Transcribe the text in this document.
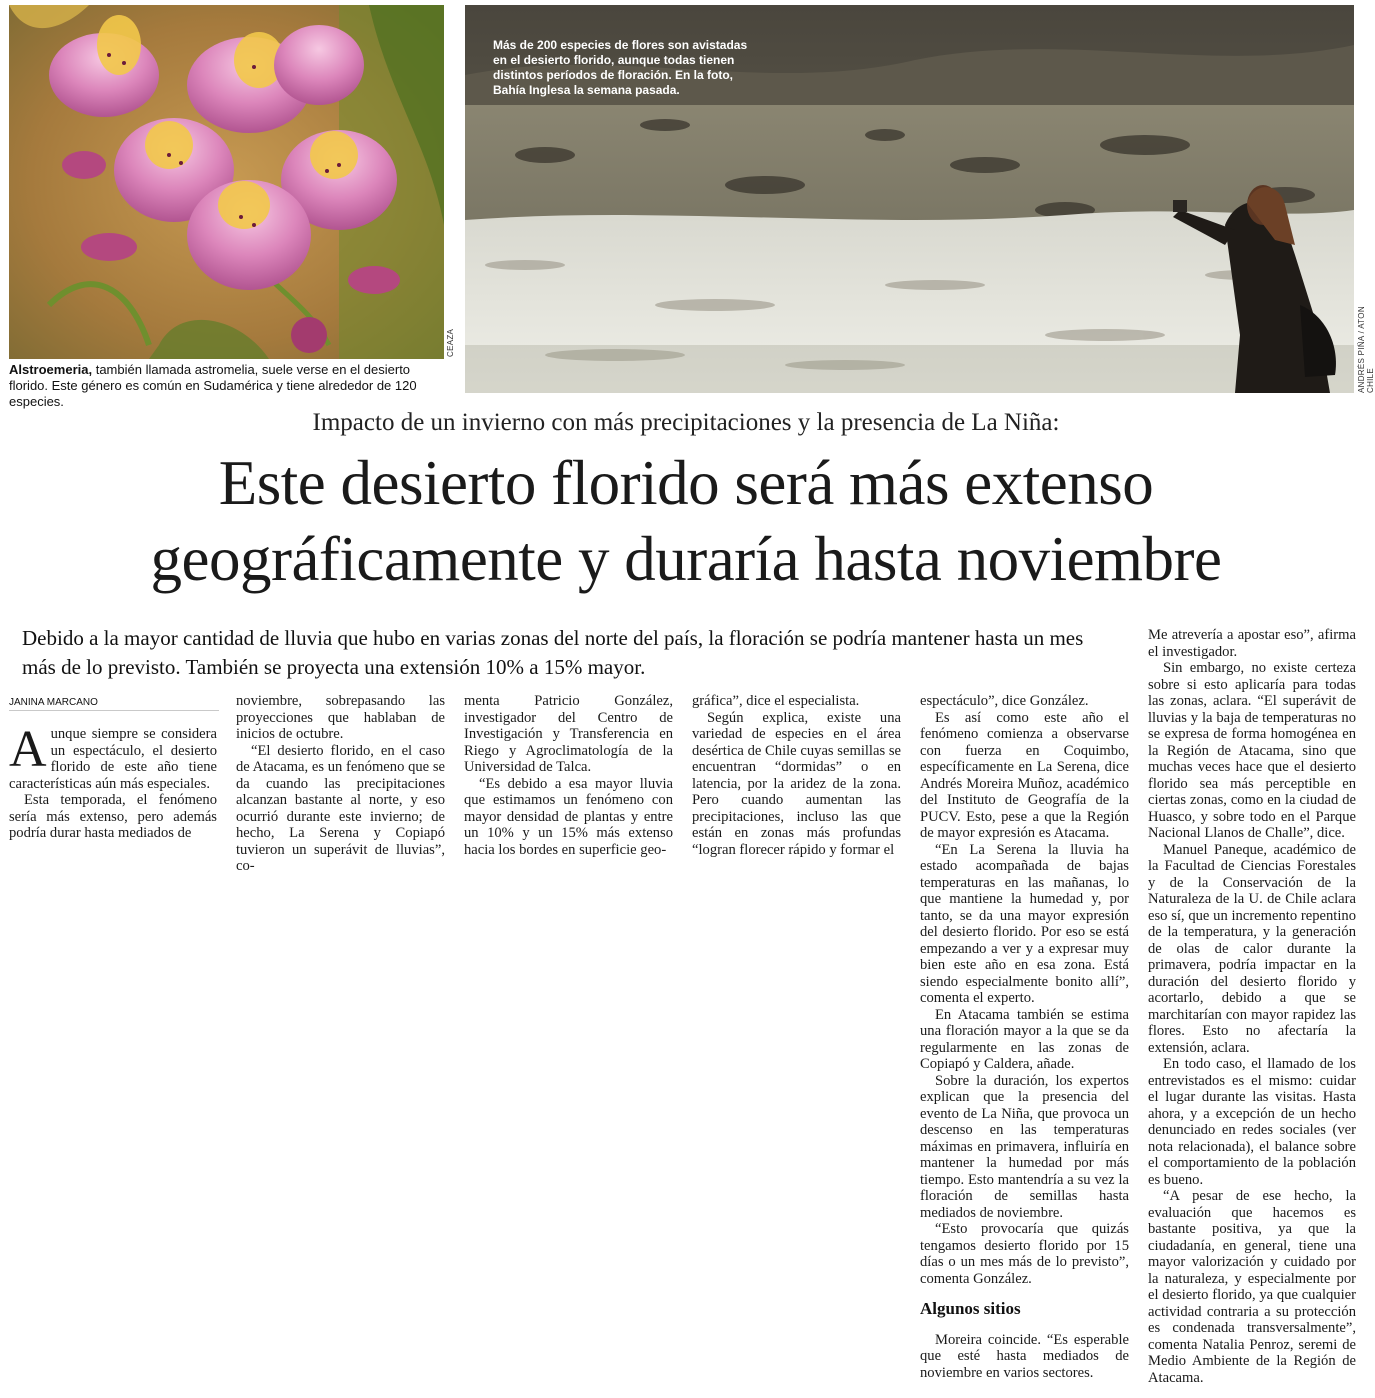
CEAZA
Alstroemeria, también llamada astromelia, suele verse en el desierto florido. Este género es común en Sudamérica y tiene alrededor de 120 especies.
Más de 200 especies de flores son avistadas en el desierto florido, aunque todas tienen distintos períodos de floración. En la foto, Bahía Inglesa la semana pasada.
ANDRÉS PIÑA / ATON CHILE
Impacto de un invierno con más precipitaciones y la presencia de La Niña:
Este desierto florido será más extenso geográficamente y duraría hasta noviembre
Debido a la mayor cantidad de lluvia que hubo en varias zonas del norte del país, la floración se podría mantener hasta un mes más de lo previsto. También se proyecta una extensión 10% a 15% mayor.
JANINA MARCANO

Aunque siempre se considera un espectáculo, el desierto florido de este año tiene características aún más especiales.

Esta temporada, el fenómeno sería más extenso, pero además podría durar hasta mediados de

noviembre, sobrepasando las proyecciones que hablaban de inicios de octubre.

“El desierto florido, en el caso de Atacama, es un fenómeno que se da cuando las precipitaciones alcanzan bastante al norte, y eso ocurrió durante este invierno; de hecho, La Serena y Copiapó tuvieron un superávit de lluvias”, co-

menta Patricio González, investigador del Centro de Investigación y Transferencia en Riego y Agroclimatología de la Universidad de Talca.

“Es debido a esa mayor lluvia que estimamos un fenómeno con mayor densidad de plantas y entre un 10% y un 15% más extenso hacia los bordes en superficie geo-

gráfica”, dice el especialista.

Según explica, existe una variedad de especies en el área desértica de Chile cuyas semillas se encuentran “dormidas” o en latencia, por la aridez de la zona. Pero cuando aumentan las precipitaciones, incluso las que están en zonas más profundas “logran florecer rápido y formar el

espectáculo”, dice González.

Es así como este año el fenómeno comienza a observarse con fuerza en Coquimbo, específicamente en La Serena, dice Andrés Moreira Muñoz, académico del Instituto de Geografía de la PUCV. Esto, pese a que la Región de mayor expresión es Atacama.

“En La Serena la lluvia ha estado acompañada de bajas temperaturas en las mañanas, lo que mantiene la humedad y, por tanto, se da una mayor expresión del desierto florido. Por eso se está empezando a ver y a expresar muy bien este año en esa zona. Está siendo especialmente bonito allí”, comenta el experto.

En Atacama también se estima una floración mayor a la que se da regularmente en las zonas de Copiapó y Caldera, añade.

Sobre la duración, los expertos explican que la presencia del evento de La Niña, que provoca un descenso en las temperaturas máximas en primavera, influiría en mantener la humedad por más tiempo. Esto mantendría a su vez la floración de semillas hasta mediados de noviembre.

“Esto provocaría que quizás tengamos desierto florido por 15 días o un mes más de lo previsto”, comenta González.

Algunos sitios

Moreira coincide. “Es esperable que esté hasta mediados de noviembre en varios sectores.

Me atrevería a apostar eso”, afirma el investigador.

Sin embargo, no existe certeza sobre si esto aplicaría para todas las zonas, aclara. “El superávit de lluvias y la baja de temperaturas no se expresa de forma homogénea en la Región de Atacama, sino que muchas veces hace que el desierto florido sea más perceptible en ciertas zonas, como en la ciudad de Huasco, y sobre todo en el Parque Nacional Llanos de Challe”, dice.

Manuel Paneque, académico de la Facultad de Ciencias Forestales y de la Conservación de la Naturaleza de la U. de Chile aclara eso sí, que un incremento repentino de la temperatura, y la generación de olas de calor durante la primavera, podría impactar en la duración del desierto florido y acortarlo, debido a que se marchitarían con mayor rapidez las flores. Esto no afectaría la extensión, aclara.

En todo caso, el llamado de los entrevistados es el mismo: cuidar el lugar durante las visitas. Hasta ahora, y a excepción de un hecho denunciado en redes sociales (ver nota relacionada), el balance sobre el comportamiento de la población es bueno.

“A pesar de ese hecho, la evaluación que hacemos es bastante positiva, ya que la ciudadanía, en general, tiene una mayor valorización y cuidado por la naturaleza, y especialmente por el desierto florido, ya que cualquier actividad contraria a su protección es condenada transversalmente”, comenta Natalia Penroz, seremi de Medio Ambiente de la Región de Atacama.
